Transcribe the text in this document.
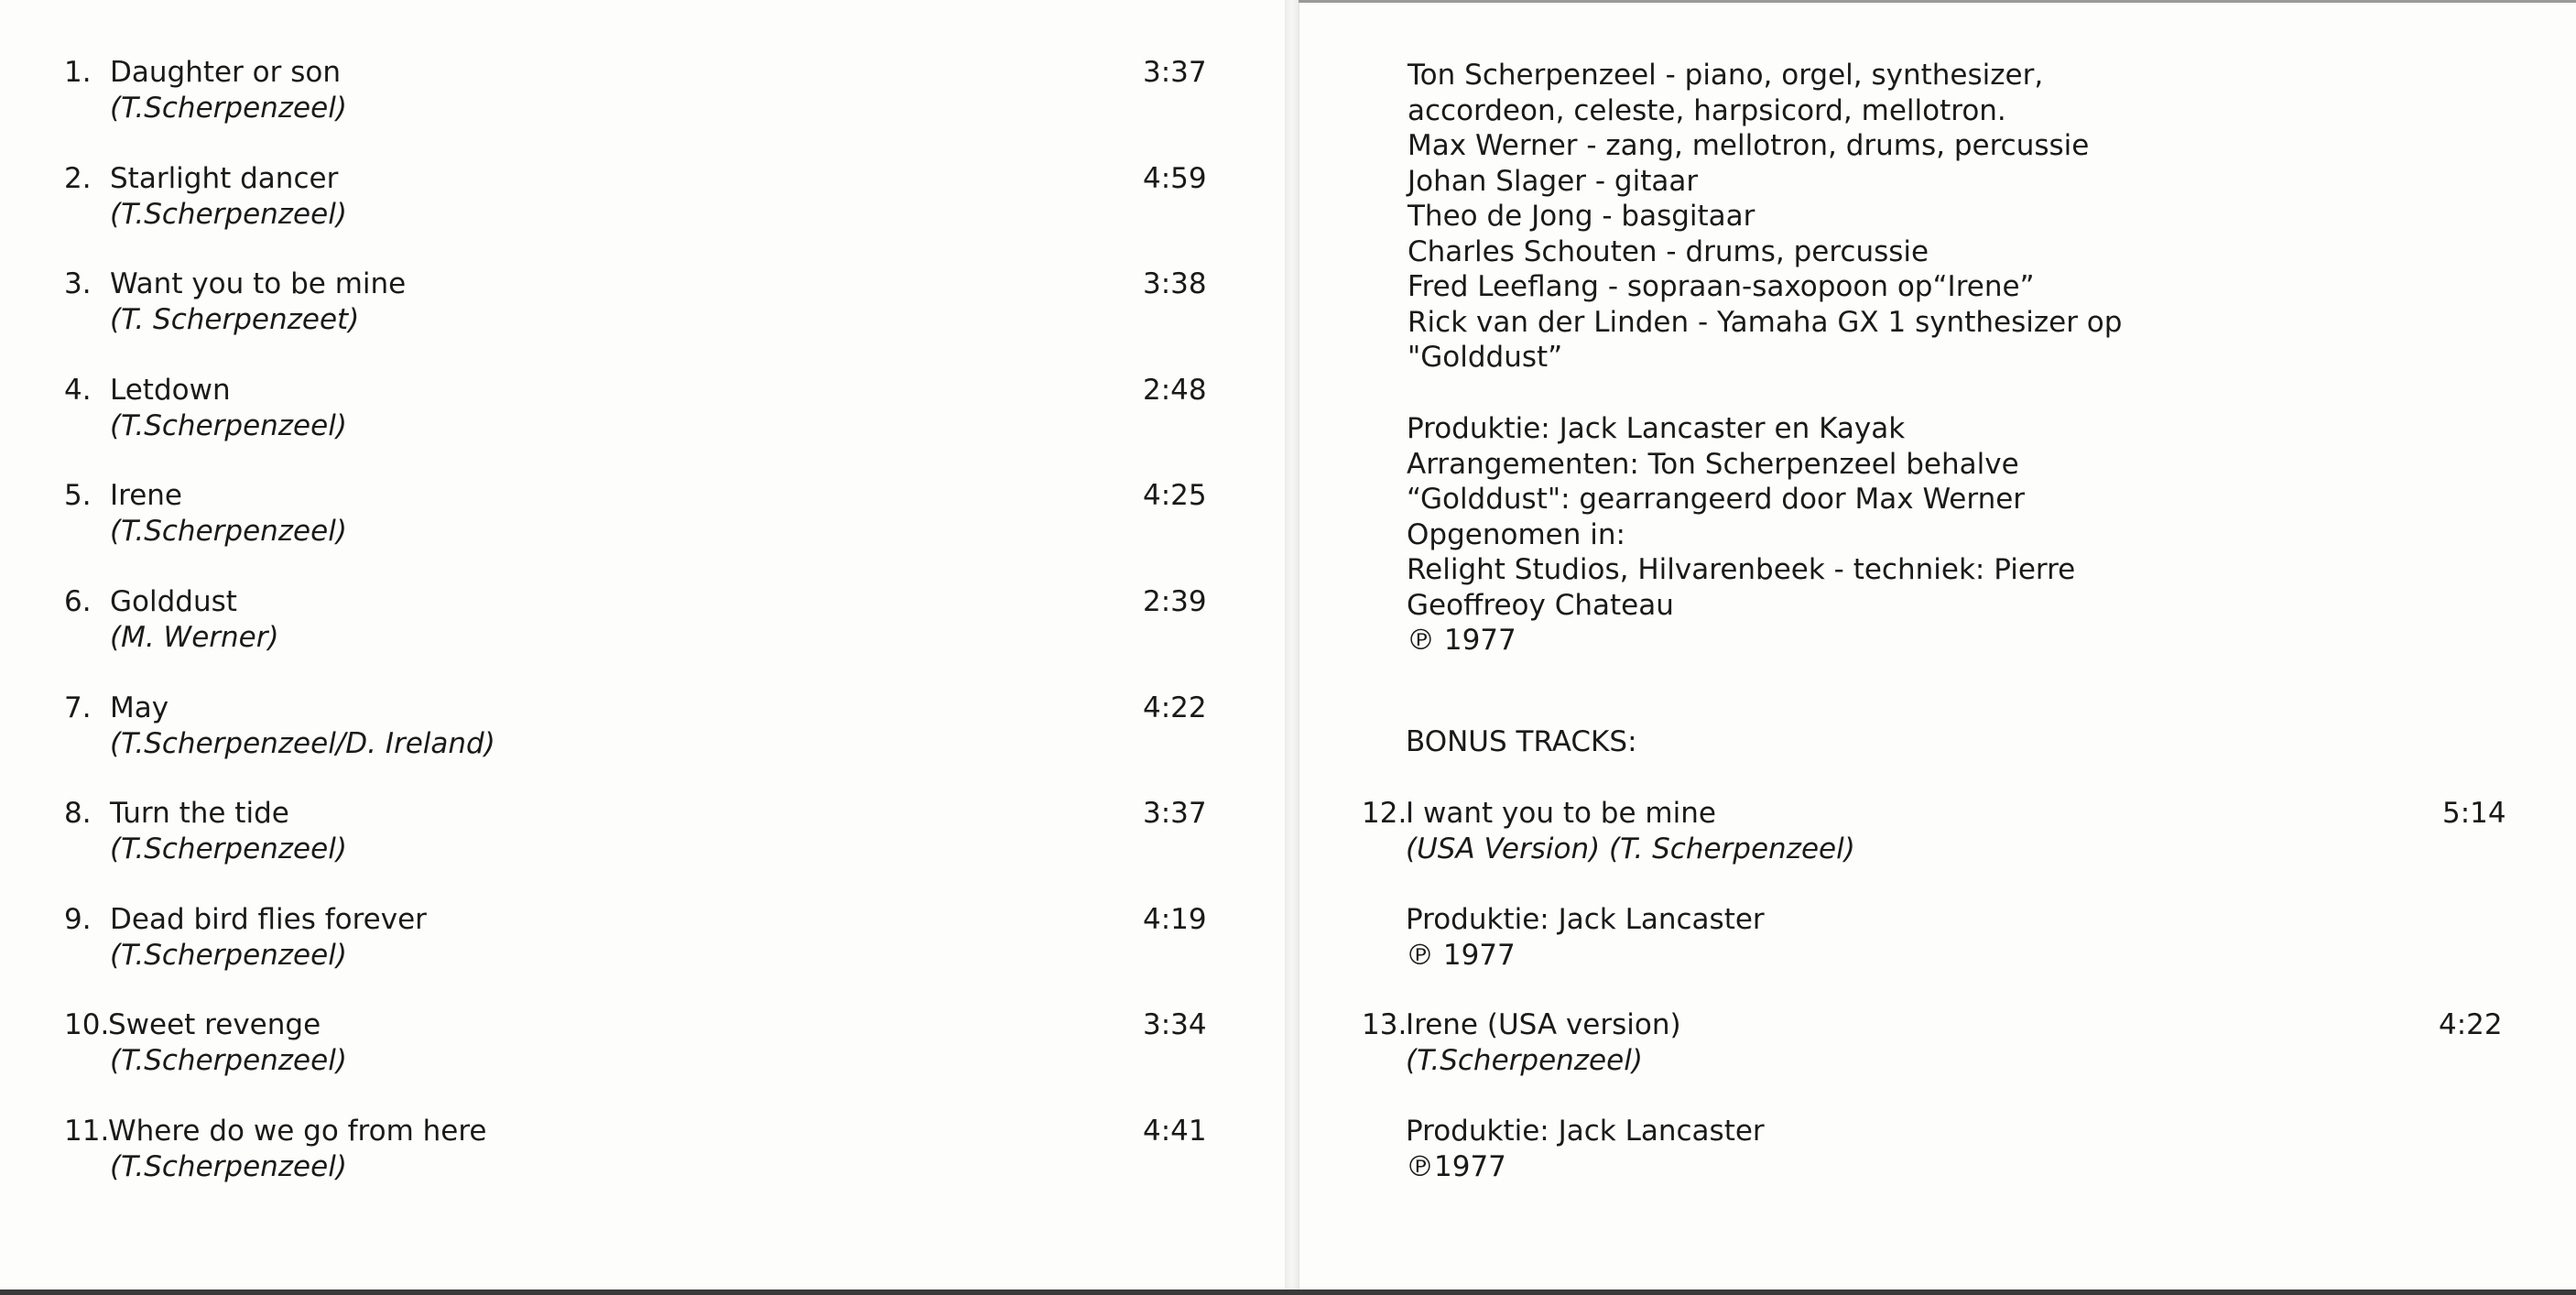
1. Daughter or son
(T.Scherpenzeel)
3:37
2. Starlight dancer
(T.Scherpenzeel)
4:59
3. Want you to be mine
(T. Scherpenzeet)
3:38
4. Letdown
(T.Scherpenzeel)
2:48
5. Irene
(T.Scherpenzeel)
4:25
6. Golddust
(M. Werner)
2:39
7. May
(T.Scherpenzeel/D. Ireland)
4:22
8. Turn the tide
(T.Scherpenzeel)
3:37
9. Dead bird flies forever
(T.Scherpenzeel)
4:19
10.
Sweet revenge
(T.Scherpenzeel)
3:34
11.
Where do we go from here
(T.Scherpenzeel)
4:41
Ton Scherpenzeel - piano, orgel, synthesizer,
accordeon, celeste, harpsicord, mellotron.
Max Werner - zang, mellotron, drums, percussie
Johan Slager - gitaar
Theo de Jong - basgitaar
Charles Schouten - drums, percussie
Fred Leeflang - sopraan-saxopoon op“Irene”
Rick van der Linden - Yamaha GX 1 synthesizer op
"Golddust”
Produktie: Jack Lancaster en Kayak
Arrangementen: Ton Scherpenzeel behalve
“Golddust": gearrangeerd door Max Werner
Opgenomen in:
Relight Studios, Hilvarenbeek - techniek: Pierre
Geoffreoy Chateau
℗ 1977
BONUS TRACKS:
12.
I want you to be mine
(USA Version) (T. Scherpenzeel)
5:14
Produktie: Jack Lancaster
℗ 1977
13.
Irene (USA version)
(T.Scherpenzeel)
4:22
Produktie: Jack Lancaster
℗1977
